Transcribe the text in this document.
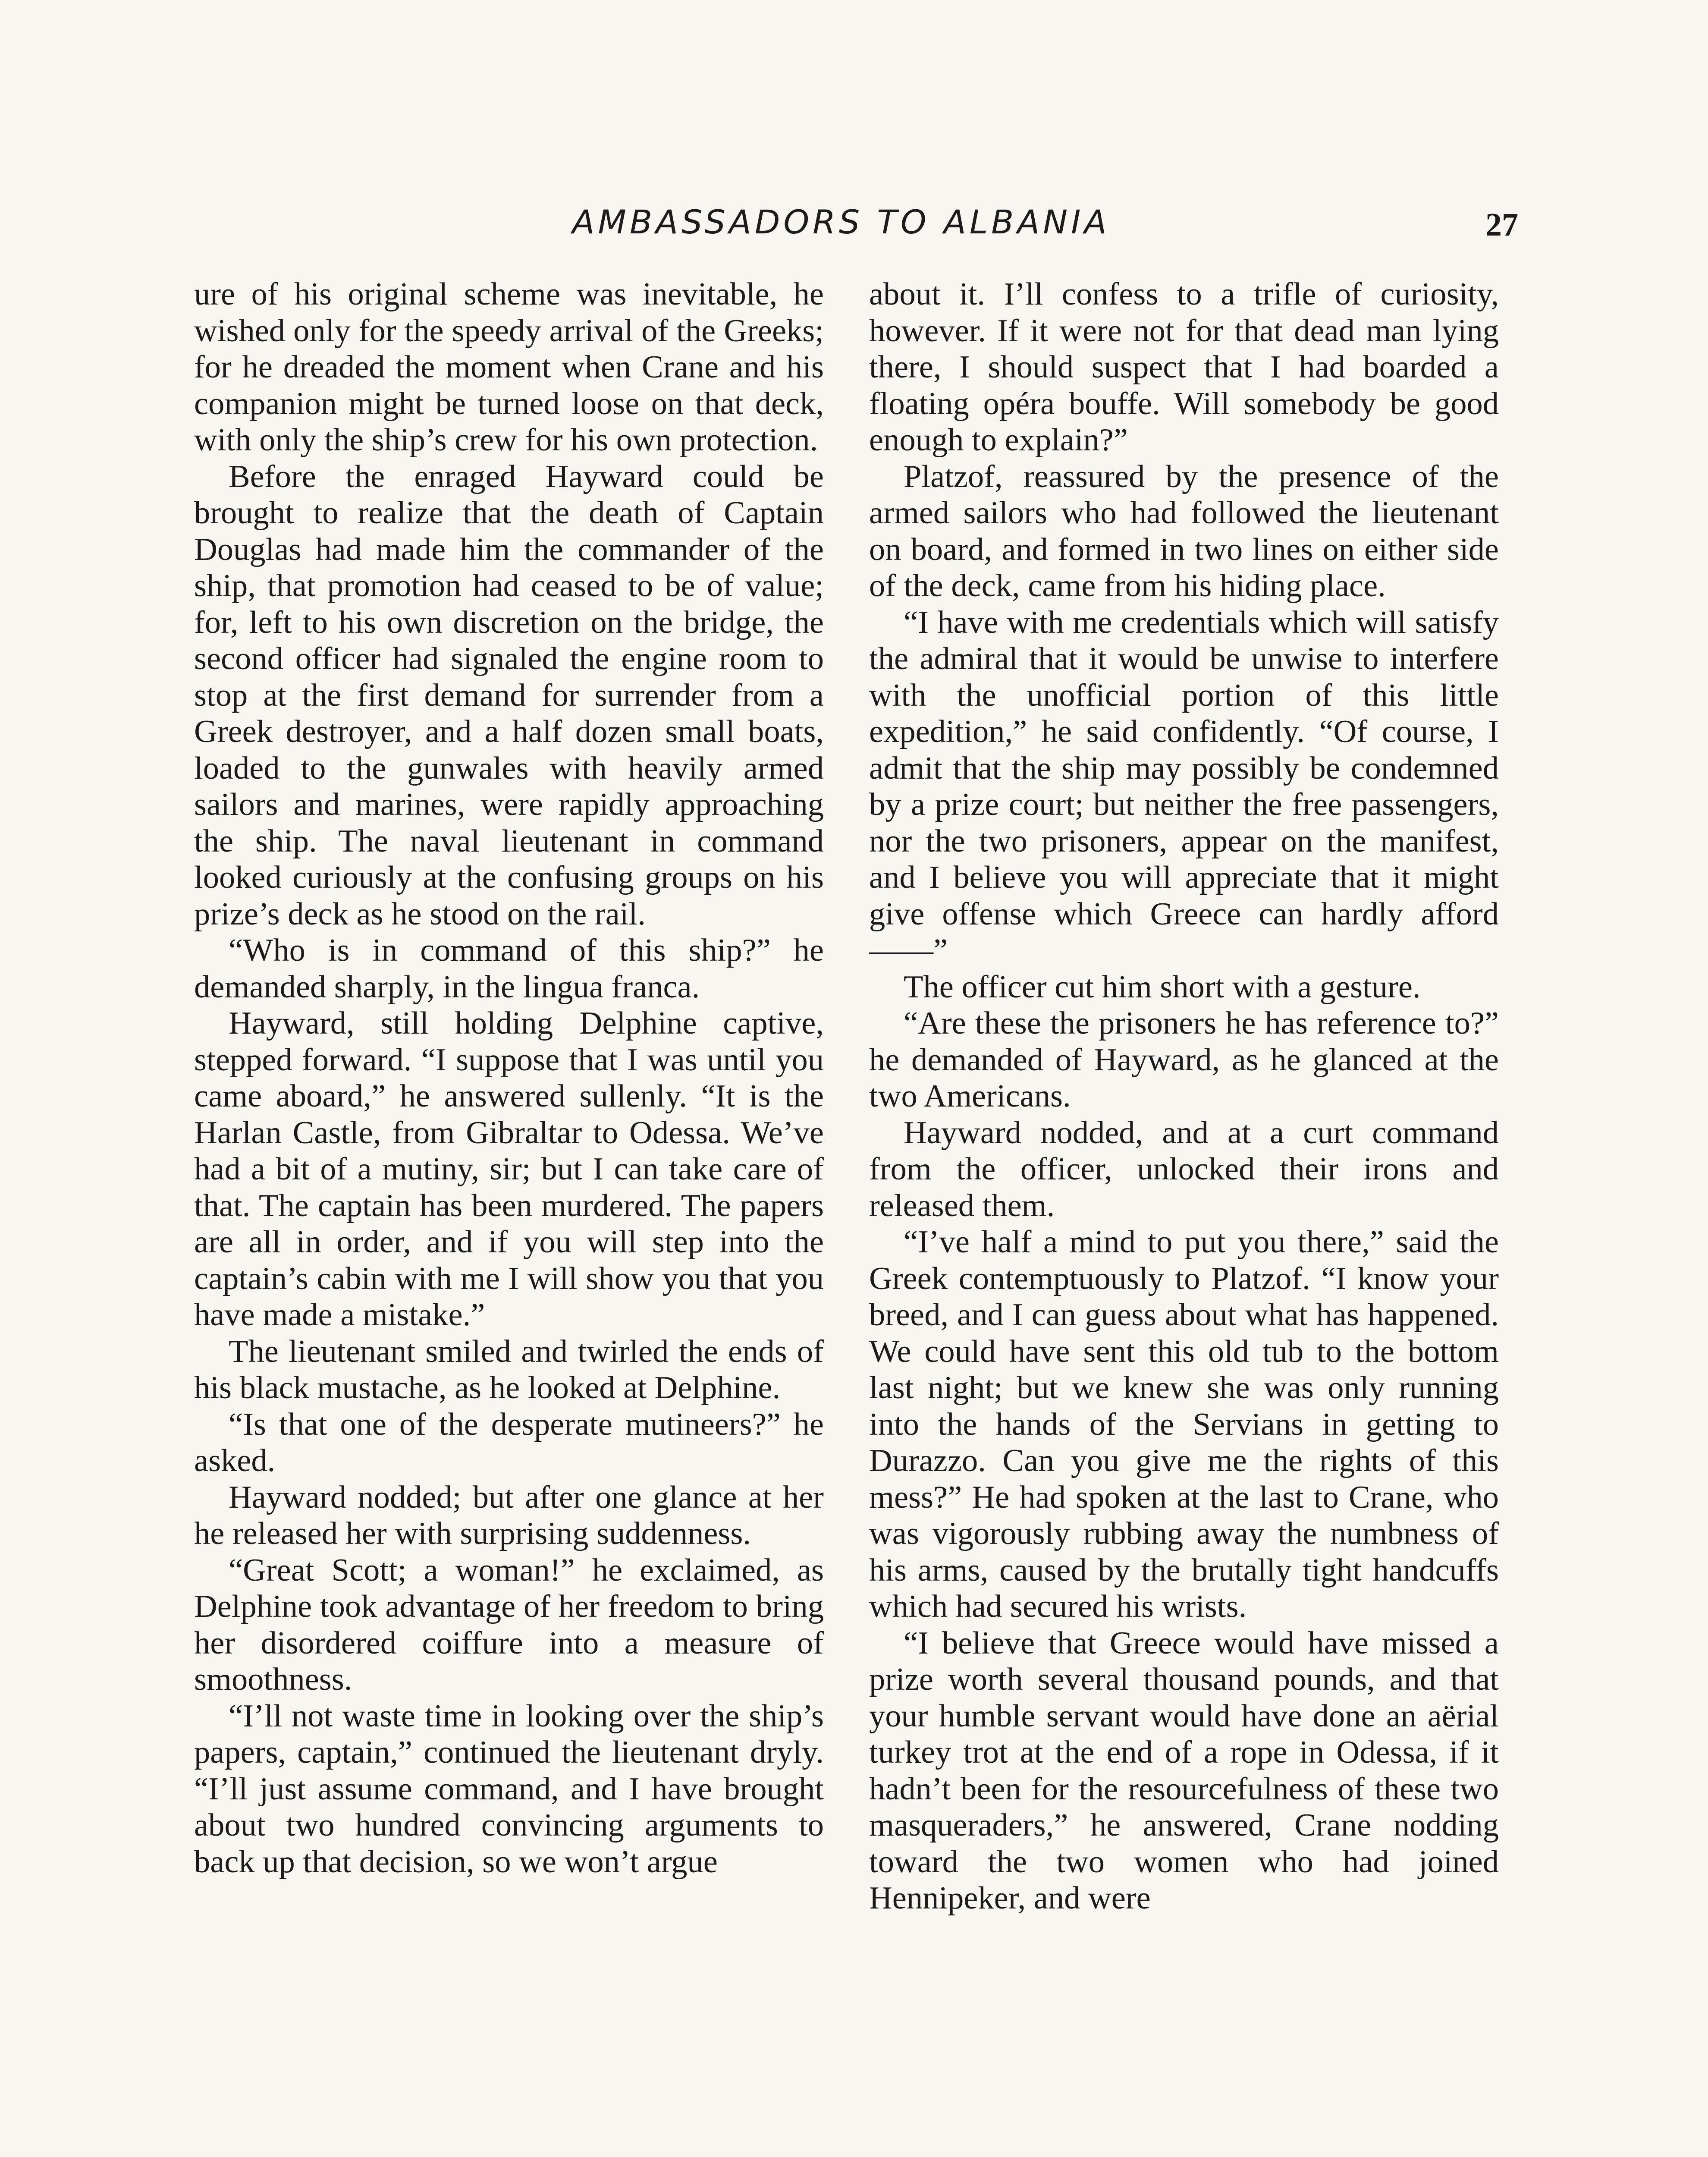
AMBASSADORS TO ALBANIA	27

ure of his original scheme was inevitable, he wished only for the speedy arrival of the Greeks; for he dreaded the moment when Crane and his companion might be turned loose on that deck, with only the ship’s crew for his own protection.

Before the enraged Hayward could be brought to realize that the death of Captain Douglas had made him the commander of the ship, that promotion had ceased to be of value; for, left to his own discretion on the bridge, the second officer had signaled the engine room to stop at the first demand for surrender from a Greek destroyer, and a half dozen small boats, loaded to the gunwales with heavily armed sailors and marines, were rapidly approaching the ship. The naval lieutenant in command looked curiously at the confusing groups on his prize’s deck as he stood on the rail.

“Who is in command of this ship?” he demanded sharply, in the lingua franca.

Hayward, still holding Delphine captive, stepped forward. “I suppose that I was until you came aboard,” he answered sullenly. “It is the Harlan Castle, from Gibraltar to Odessa. We’ve had a bit of a mutiny, sir; but I can take care of that. The captain has been murdered. The papers are all in order, and if you will step into the captain’s cabin with me I will show you that you have made a mistake.”

The lieutenant smiled and twirled the ends of his black mustache, as he looked at Delphine.

“Is that one of the desperate mutineers?” he asked.

Hayward nodded; but after one glance at her he released her with surprising suddenness.

“Great Scott; a woman!” he exclaimed, as Delphine took advantage of her freedom to bring her disordered coiffure into a measure of smoothness.

“I’ll not waste time in looking over the ship’s papers, captain,” continued the lieutenant dryly. “I’ll just assume command, and I have brought about two hundred convincing arguments to back up that decision, so we won’t argue

about it. I’ll confess to a trifle of curiosity, however. If it were not for that dead man lying there, I should suspect that I had boarded a floating opéra bouffe. Will somebody be good enough to explain?”

Platzof, reassured by the presence of the armed sailors who had followed the lieutenant on board, and formed in two lines on either side of the deck, came from his hiding place.

“I have with me credentials which will satisfy the admiral that it would be unwise to interfere with the unofficial portion of this little expedition,” he said confidently. “Of course, I admit that the ship may possibly be condemned by a prize court; but neither the free passengers, nor the two prisoners, appear on the manifest, and I believe you will appreciate that it might give offense which Greece can hardly afford——”

The officer cut him short with a gesture.

“Are these the prisoners he has reference to?” he demanded of Hayward, as he glanced at the two Americans.

Hayward nodded, and at a curt command from the officer, unlocked their irons and released them.

“I’ve half a mind to put you there,” said the Greek contemptuously to Platzof. “I know your breed, and I can guess about what has happened. We could have sent this old tub to the bottom last night; but we knew she was only running into the hands of the Servians in getting to Durazzo. Can you give me the rights of this mess?” He had spoken at the last to Crane, who was vigorously rubbing away the numbness of his arms, caused by the brutally tight handcuffs which had secured his wrists.

“I believe that Greece would have missed a prize worth several thousand pounds, and that your humble servant would have done an aërial turkey trot at the end of a rope in Odessa, if it hadn’t been for the resourcefulness of these two masqueraders,” he answered, Crane nodding toward the two women who had joined Hennipeker, and were
